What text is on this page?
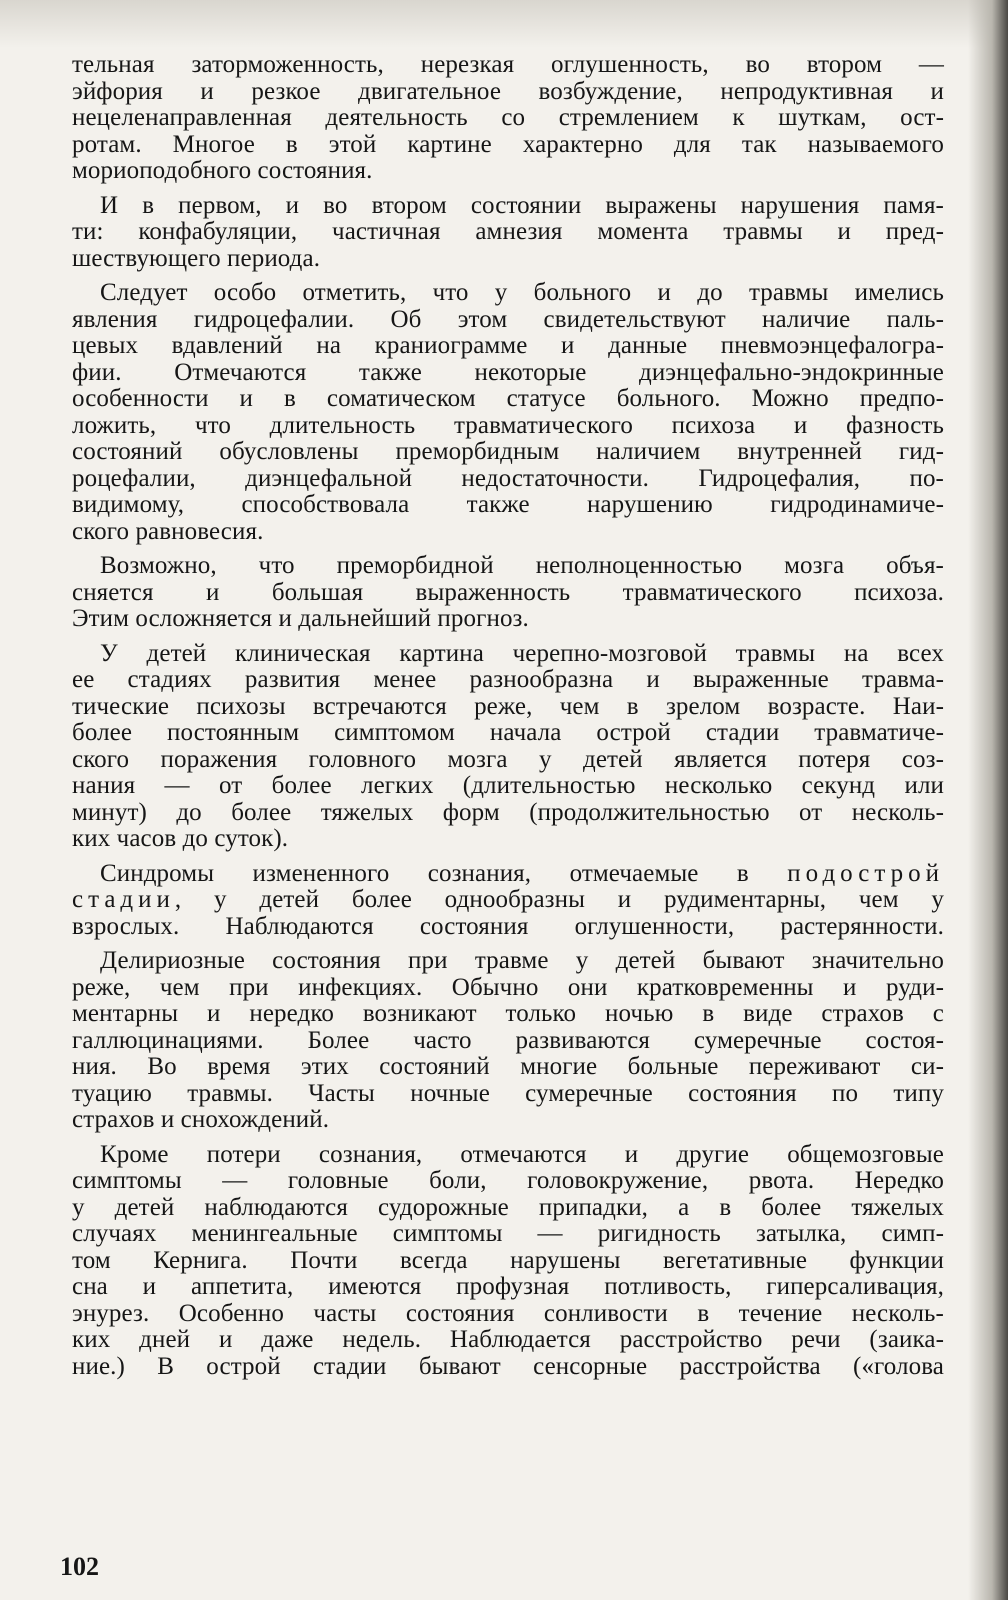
тельная заторможенность, нерезкая оглушенность, во втором —
эйфория и резкое двигательное возбуждение, непродуктивная и
нецеленаправленная деятельность со стремлением к шуткам, ост-
ротам. Многое в этой картине характерно для так называемого
мориоподобного состояния.
И в первом, и во втором состоянии выражены нарушения памя-
ти: конфабуляции, частичная амнезия момента травмы и пред-
шествующего периода.
Следует особо отметить, что у больного и до травмы имелись
явления гидроцефалии. Об этом свидетельствуют наличие паль-
цевых вдавлений на краниограмме и данные пневмоэнцефалогра-
фии. Отмечаются также некоторые диэнцефально-эндокринные
особенности и в соматическом статусе больного. Можно предпо-
ложить, что длительность травматического психоза и фазность
состояний обусловлены преморбидным наличием внутренней гид-
роцефалии, диэнцефальной недостаточности. Гидроцефалия, по-
видимому, способствовала также нарушению гидродинамиче-
ского равновесия.
Возможно, что преморбидной неполноценностью мозга объя-
сняется и большая выраженность травматического психоза.
Этим осложняется и дальнейший прогноз.
У детей клиническая картина черепно-мозговой травмы на всех
ее стадиях развития менее разнообразна и выраженные травма-
тические психозы встречаются реже, чем в зрелом возрасте. Наи-
более постоянным симптомом начала острой стадии травматиче-
ского поражения головного мозга у детей является потеря соз-
нания — от более легких (длительностью несколько секунд или
минут) до более тяжелых форм (продолжительностью от несколь-
ких часов до суток).
Синдромы измененного сознания, отмечаемые в подострой
стадии, у детей более однообразны и рудиментарны, чем у
взрослых. Наблюдаются состояния оглушенности, растерянности.
Делириозные состояния при травме у детей бывают значительно
реже, чем при инфекциях. Обычно они кратковременны и руди-
ментарны и нередко возникают только ночью в виде страхов с
галлюцинациями. Более часто развиваются сумеречные состоя-
ния. Во время этих состояний многие больные переживают си-
туацию травмы. Часты ночные сумеречные состояния по типу
страхов и снохождений.
Кроме потери сознания, отмечаются и другие общемозговые
симптомы — головные боли, головокружение, рвота. Нередко
у детей наблюдаются судорожные припадки, а в более тяжелых
случаях менингеальные симптомы — ригидность затылка, симп-
том Кернига. Почти всегда нарушены вегетативные функции
сна и аппетита, имеются профузная потливость, гиперсаливация,
энурез. Особенно часты состояния сонливости в течение несколь-
ких дней и даже недель. Наблюдается расстройство речи (заика-
ние.) В острой стадии бывают сенсорные расстройства («голова
102
